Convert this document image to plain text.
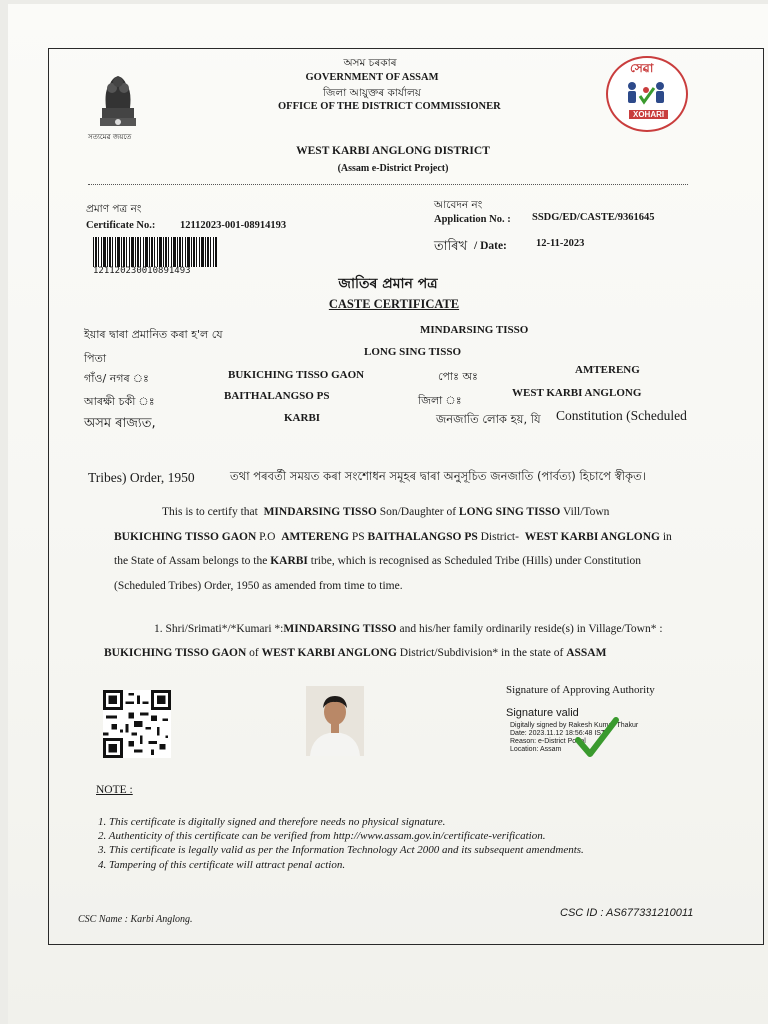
সত্যমেৱ জয়তে
সেৱা
XOHARI
অসম চৰকাৰ
GOVERNMENT OF ASSAM
জিলা আয়ুক্তৰ কাৰ্যালয়
OFFICE OF THE DISTRICT COMMISSIONER
WEST KARBI ANGLONG DISTRICT
(Assam e-District Project)
প্ৰমাণ পত্ৰ নং
Certificate No.: 12112023-001-08914193
121120230010891493
আবেদন নং
Application No. : SSDG/ED/CASTE/9361645
তাৰিখ / Date:	12-11-2023
জাতিৰ প্ৰমান পত্ৰ
CASTE CERTIFICATE
ইয়াৰ দ্বাৰা প্ৰমানিত কৰা হ'ল যে	MINDARSING TISSO
পিতা	LONG SING TISSO
গাঁও/ নগৰ ঃ	BUKICHING TISSO GAON	পোঃ অঃ	AMTERENG
আৰক্ষী চকী ঃ	BAITHALANGSO PS	জিলা ঃ
WEST KARBI ANGLONG
অসম ৰাজ্যত,	KARBI	জনজাতি লোক হয়, যি Constitution (Scheduled
Tribes) Order, 1950	তথা পৰবৰ্তী সময়ত কৰা সংশোধন সমূহৰ দ্বাৰা অনুসূচিত জনজাতি (পাৰ্বত্য) হিচাপে স্বীকৃত।
This is to certify that MINDARSING TISSO Son/Daughter of LONG SING TISSO Vill/Town
BUKICHING TISSO GAON P.O AMTERENG PS BAITHALANGSO PS District- WEST KARBI ANGLONG in
the State of Assam belongs to the KARBI tribe, which is recognised as Scheduled Tribe (Hills) under Constitution
(Scheduled Tribes) Order, 1950 as amended from time to time.
1. Shri/Srimati*/*Kumari *:MINDARSING TISSO and his/her family ordinarily reside(s) in Village/Town* :
BUKICHING TISSO GAON of WEST KARBI ANGLONG District/Subdivision* in the state of ASSAM
Signature of Approving Authority
Signature valid
Digitally signed by Rakesh Kumar Thakur
Date: 2023.11.12 18:56:48 IST
Reason: e-District Portal
Location: Assam
NOTE :
1. This certificate is digitally signed and therefore needs no physical signature.
2. Authenticity of this certificate can be verified from http://www.assam.gov.in/certificate-verification.
3. This certificate is legally valid as per the Information Technology Act 2000 and its subsequent amendments.
4. Tampering of this certificate will attract penal action.
CSC Name : Karbi Anglong.
CSC ID : AS677331210011
